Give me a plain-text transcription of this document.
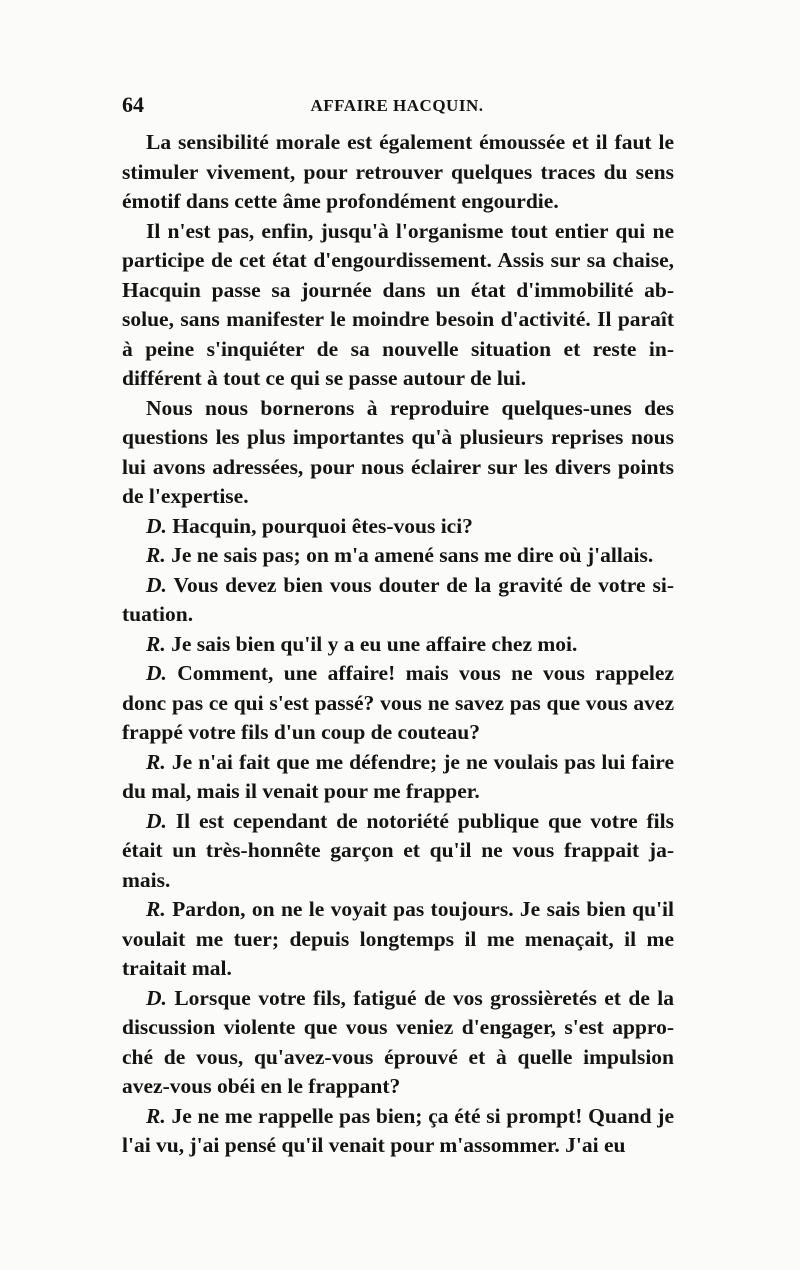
64	AFFAIRE HACQUIN.

La sensibilité morale est également émoussée et il faut le stimuler vivement, pour retrouver quelques traces du sens émotif dans cette âme profondément engourdie.

Il n'est pas, enfin, jusqu'à l'organisme tout entier qui ne participe de cet état d'engourdissement. Assis sur sa chaise, Hacquin passe sa journée dans un état d'immobilité absolue, sans manifester le moindre besoin d'activité. Il paraît à peine s'inquiéter de sa nouvelle situation et reste indifférent à tout ce qui se passe autour de lui.

Nous nous bornerons à reproduire quelques-unes des questions les plus importantes qu'à plusieurs reprises nous lui avons adressées, pour nous éclairer sur les divers points de l'expertise.

D. Hacquin, pourquoi êtes-vous ici?

R. Je ne sais pas; on m'a amené sans me dire où j'allais.

D. Vous devez bien vous douter de la gravité de votre situation.

R. Je sais bien qu'il y a eu une affaire chez moi.

D. Comment, une affaire! mais vous ne vous rappelez donc pas ce qui s'est passé? vous ne savez pas que vous avez frappé votre fils d'un coup de couteau?

R. Je n'ai fait que me défendre; je ne voulais pas lui faire du mal, mais il venait pour me frapper.

D. Il est cependant de notoriété publique que votre fils était un très-honnête garçon et qu'il ne vous frappait jamais.

R. Pardon, on ne le voyait pas toujours. Je sais bien qu'il voulait me tuer; depuis longtemps il me menaçait, il me traitait mal.

D. Lorsque votre fils, fatigué de vos grossièretés et de la discussion violente que vous veniez d'engager, s'est approché de vous, qu'avez-vous éprouvé et à quelle impulsion avez-vous obéi en le frappant?

R. Je ne me rappelle pas bien; ça été si prompt! Quand je l'ai vu, j'ai pensé qu'il venait pour m'assommer. J'ai eu
